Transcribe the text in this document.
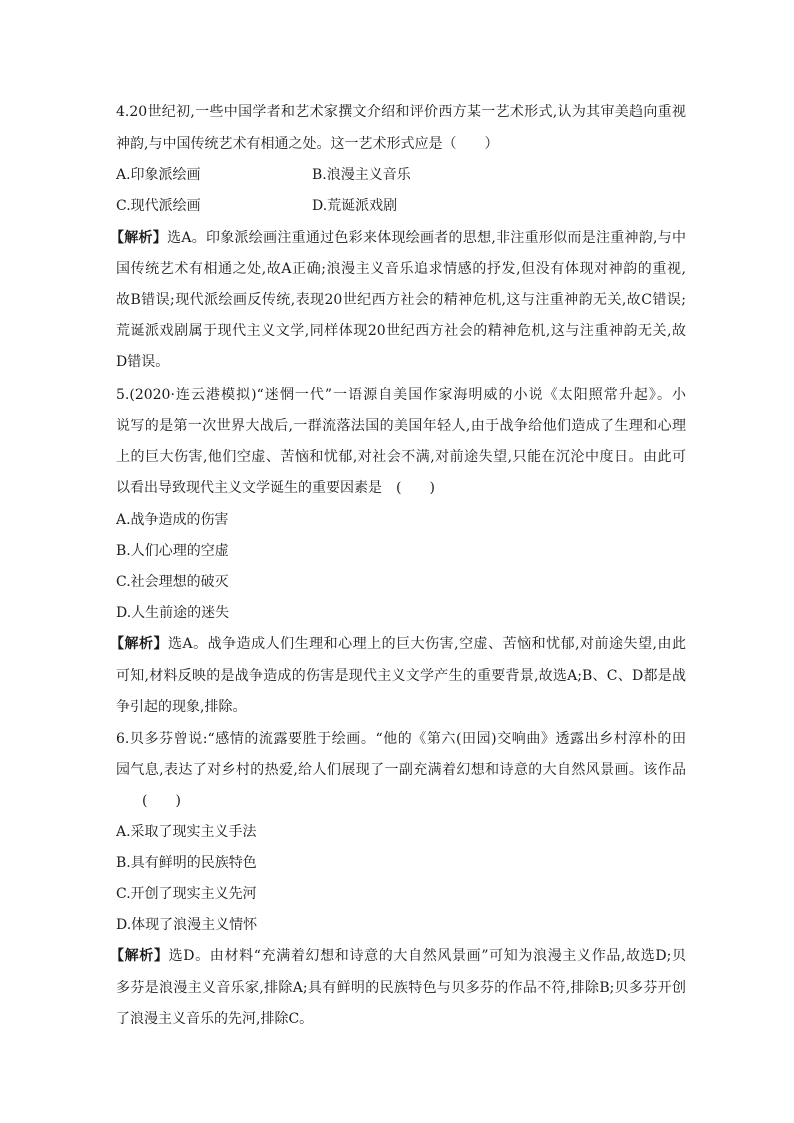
4.20世纪初,一些中国学者和艺术家撰文介绍和评价西方某一艺术形式,认为其审美趋向重视
神韵,与中国传统艺术有相通之处。这一艺术形式应是（　　）
A.印象派绘画	B.浪漫主义音乐
C.现代派绘画	D.荒诞派戏剧
【解析】选A。印象派绘画注重通过色彩来体现绘画者的思想,非注重形似而是注重神韵,与中
国传统艺术有相通之处,故A正确;浪漫主义音乐追求情感的抒发,但没有体现对神韵的重视,
故B错误;现代派绘画反传统,表现20世纪西方社会的精神危机,这与注重神韵无关,故C错误;
荒诞派戏剧属于现代主义文学,同样体现20世纪西方社会的精神危机,这与注重神韵无关,故
D错误。
5.(2020·连云港模拟)“迷惘一代”一语源自美国作家海明威的小说《太阳照常升起》。小
说写的是第一次世界大战后,一群流落法国的美国年轻人,由于战争给他们造成了生理和心理
上的巨大伤害,他们空虚、苦恼和忧郁,对社会不满,对前途失望,只能在沉沦中度日。由此可
以看出导致现代主义文学诞生的重要因素是　(　　)
A.战争造成的伤害
B.人们心理的空虚
C.社会理想的破灭
D.人生前途的迷失
【解析】选A。战争造成人们生理和心理上的巨大伤害,空虚、苦恼和忧郁,对前途失望,由此
可知,材料反映的是战争造成的伤害是现代主义文学产生的重要背景,故选A;B、C、D都是战
争引起的现象,排除。
6.贝多芬曾说:“感情的流露要胜于绘画。“他的《第六(田园)交响曲》透露出乡村淳朴的田
园气息,表达了对乡村的热爱,给人们展现了一副充满着幻想和诗意的大自然风景画。该作品
(　　)
A.采取了现实主义手法
B.具有鲜明的民族特色
C.开创了现实主义先河
D.体现了浪漫主义情怀
【解析】选D。由材料“充满着幻想和诗意的大自然风景画”可知为浪漫主义作品,故选D;贝
多芬是浪漫主义音乐家,排除A;具有鲜明的民族特色与贝多芬的作品不符,排除B;贝多芬开创
了浪漫主义音乐的先河,排除C。
